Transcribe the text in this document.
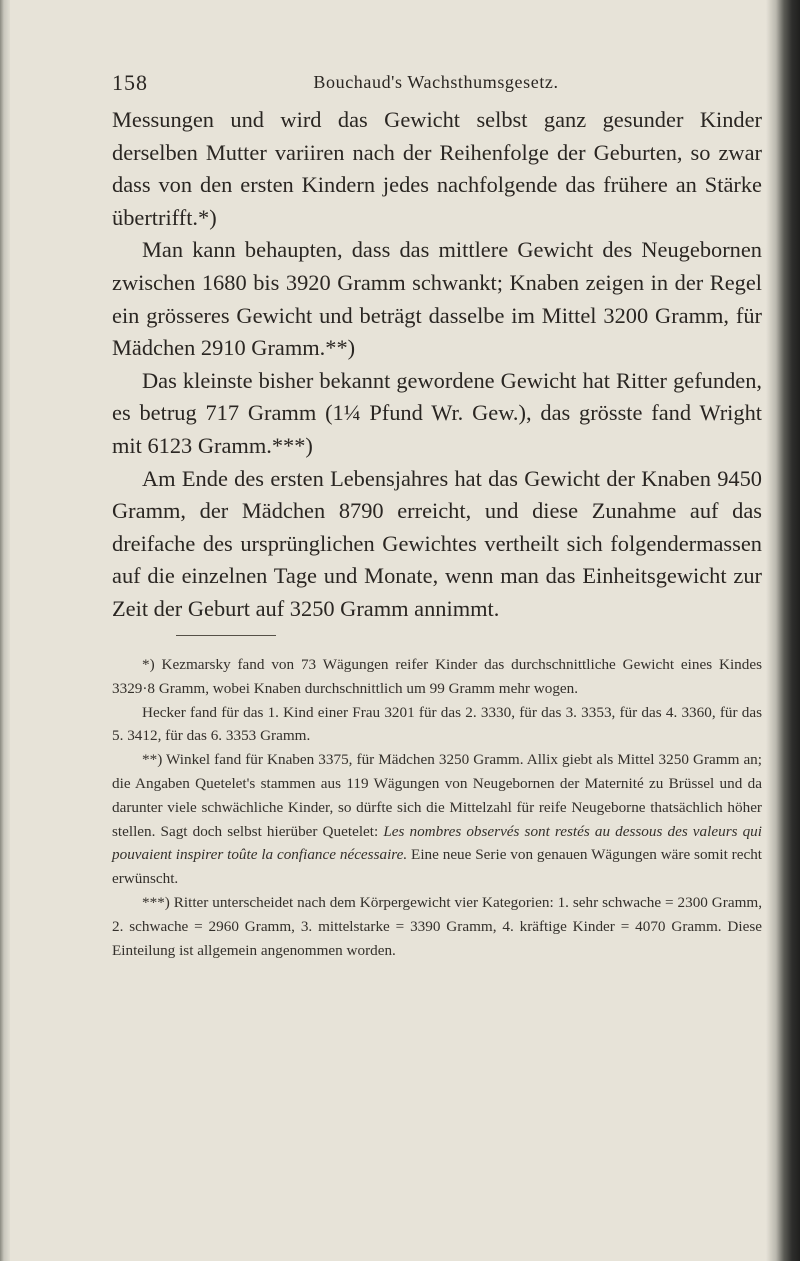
158	Bouchaud's Wachsthumsgesetz.

Messungen und wird das Gewicht selbst ganz gesunder Kinder derselben Mutter variiren nach der Reihenfolge der Geburten, so zwar dass von den ersten Kindern jedes nachfolgende das frühere an Stärke übertrifft.*)

Man kann behaupten, dass das mittlere Gewicht des Neugebornen zwischen 1680 bis 3920 Gramm schwankt; Knaben zeigen in der Regel ein grösseres Gewicht und beträgt dasselbe im Mittel 3200 Gramm, für Mädchen 2910 Gramm.**)

Das kleinste bisher bekannt gewordene Gewicht hat Ritter gefunden, es betrug 717 Gramm (1¼ Pfund Wr. Gew.), das grösste fand Wright mit 6123 Gramm.***)

Am Ende des ersten Lebensjahres hat das Gewicht der Knaben 9450 Gramm, der Mädchen 8790 erreicht, und diese Zunahme auf das dreifache des ursprünglichen Gewichtes vertheilt sich folgendermassen auf die einzelnen Tage und Monate, wenn man das Einheitsgewicht zur Zeit der Geburt auf 3250 Gramm annimmt.

*) Kezmarsky fand von 73 Wägungen reifer Kinder das durchschnittliche Gewicht eines Kindes 3329·8 Gramm, wobei Knaben durchschnittlich um 99 Gramm mehr wogen.

Hecker fand für das 1. Kind einer Frau 3201 für das 2. 3330, für das 3. 3353, für das 4. 3360, für das 5. 3412, für das 6. 3353 Gramm.

**) Winkel fand für Knaben 3375, für Mädchen 3250 Gramm. Allix giebt als Mittel 3250 Gramm an; die Angaben Quetelet's stammen aus 119 Wägungen von Neugebornen der Maternité zu Brüssel und da darunter viele schwächliche Kinder, so dürfte sich die Mittelzahl für reife Neugeborne thatsächlich höher stellen. Sagt doch selbst hierüber Quetelet: Les nombres observés sont restés au dessous des valeurs qui pouvaient inspirer toûte la confiance nécessaire. Eine neue Serie von genauen Wägungen wäre somit recht erwünscht.

***) Ritter unterscheidet nach dem Körpergewicht vier Kategorien: 1. sehr schwache = 2300 Gramm, 2. schwache = 2960 Gramm, 3. mittelstarke = 3390 Gramm, 4. kräftige Kinder = 4070 Gramm. Diese Einteilung ist allgemein angenommen worden.
